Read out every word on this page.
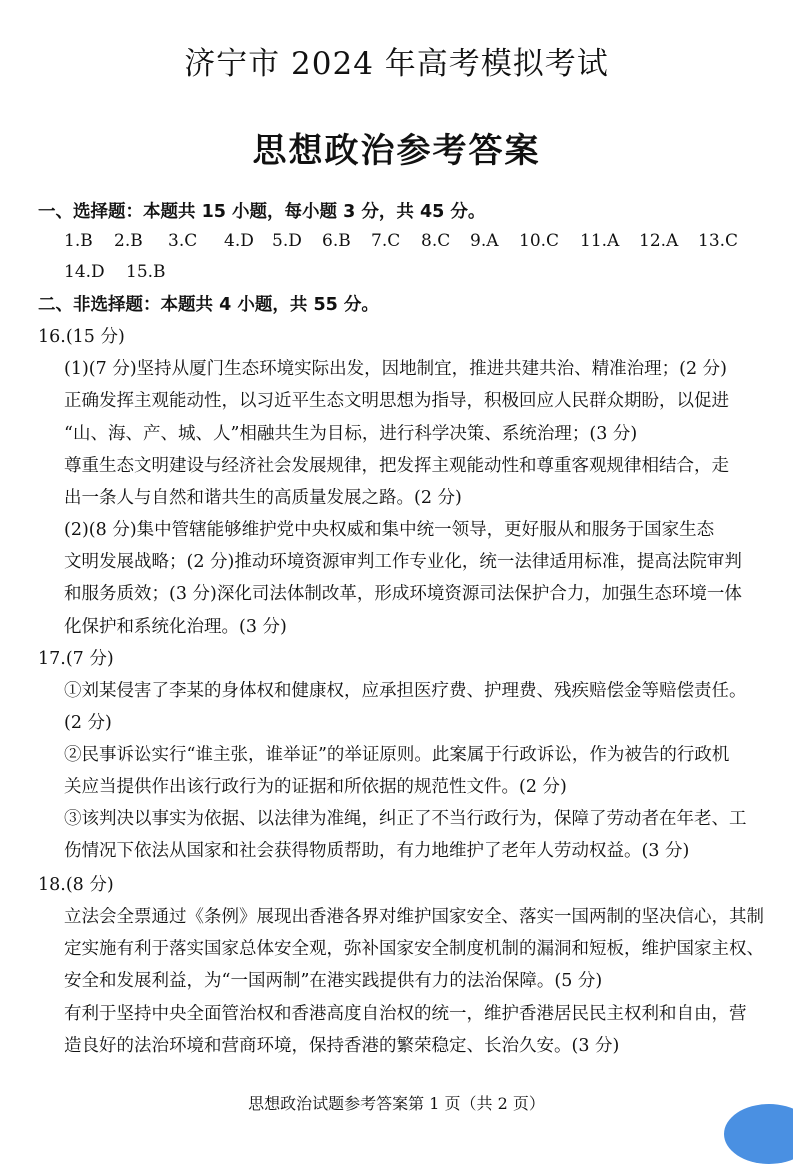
济宁市 2024 年高考模拟考试
思想政治参考答案
一、选择题：本题共 15 小题，每小题 3 分，共 45 分。
1.B 2.B 3.C 4.D 5.D 6.B 7.C 8.C 9.A 10.C 11.A 12.A 13.C
14.D 15.B
二、非选择题：本题共 4 小题，共 55 分。
16.(15 分)
(1)(7 分)坚持从厦门生态环境实际出发，因地制宜，推进共建共治、精准治理；(2 分)
正确发挥主观能动性，以习近平生态文明思想为指导，积极回应人民群众期盼，以促进
“山、海、产、城、人”相融共生为目标，进行科学决策、系统治理；(3 分)
尊重生态文明建设与经济社会发展规律，把发挥主观能动性和尊重客观规律相结合，走
出一条人与自然和谐共生的高质量发展之路。(2 分)
(2)(8 分)集中管辖能够维护党中央权威和集中统一领导，更好服从和服务于国家生态
文明发展战略；(2 分)推动环境资源审判工作专业化，统一法律适用标准，提高法院审判
和服务质效；(3 分)深化司法体制改革，形成环境资源司法保护合力，加强生态环境一体
化保护和系统化治理。(3 分)
17.(7 分)
①刘某侵害了李某的身体权和健康权，应承担医疗费、护理费、残疾赔偿金等赔偿责任。
(2 分)
②民事诉讼实行“谁主张，谁举证”的举证原则。此案属于行政诉讼，作为被告的行政机
关应当提供作出该行政行为的证据和所依据的规范性文件。(2 分)
③该判决以事实为依据、以法律为准绳，纠正了不当行政行为，保障了劳动者在年老、工
伤情况下依法从国家和社会获得物质帮助，有力地维护了老年人劳动权益。(3 分)
18.(8 分)
立法会全票通过《条例》展现出香港各界对维护国家安全、落实一国两制的坚决信心，其制
定实施有利于落实国家总体安全观，弥补国家安全制度机制的漏洞和短板，维护国家主权、
安全和发展利益，为“一国两制”在港实践提供有力的法治保障。(5 分)
有利于坚持中央全面管治权和香港高度自治权的统一，维护香港居民民主权利和自由，营
造良好的法治环境和营商环境，保持香港的繁荣稳定、长治久安。(3 分)
思想政治试题参考答案第 1 页（共 2 页）
